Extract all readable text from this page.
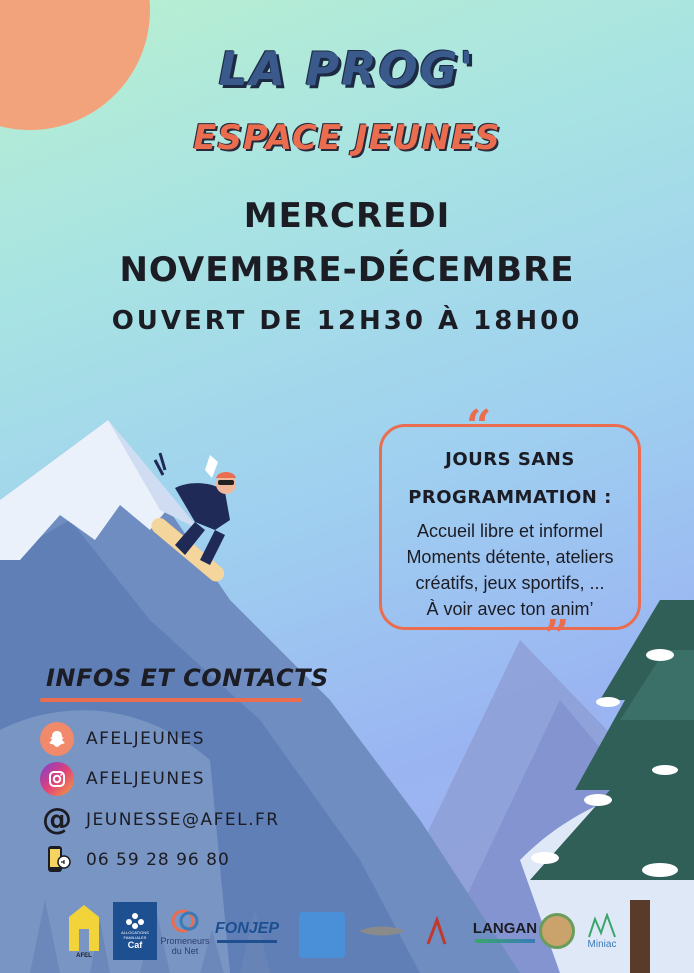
LA PROG'
ESPACE JEUNES
MERCREDI
NOVEMBRE-DÉCEMBRE
OUVERT DE 12H30 À 18H00
“
JOURS SANS
PROGRAMMATION :
Accueil libre et informel
Moments détente, ateliers
créatifs, jeux sportifs, ...
À voir avec ton anim’
”
INFOS ET CONTACTS
AFELJEUNES
AFELJEUNES
@ JEUNESSE@AFEL.FR
06 59 28 96 80
AFEL
ALLOCATIONS
FAMILIALES
Caf Promeneurs
du Net
FONJEP	LANGAN
Miniac
